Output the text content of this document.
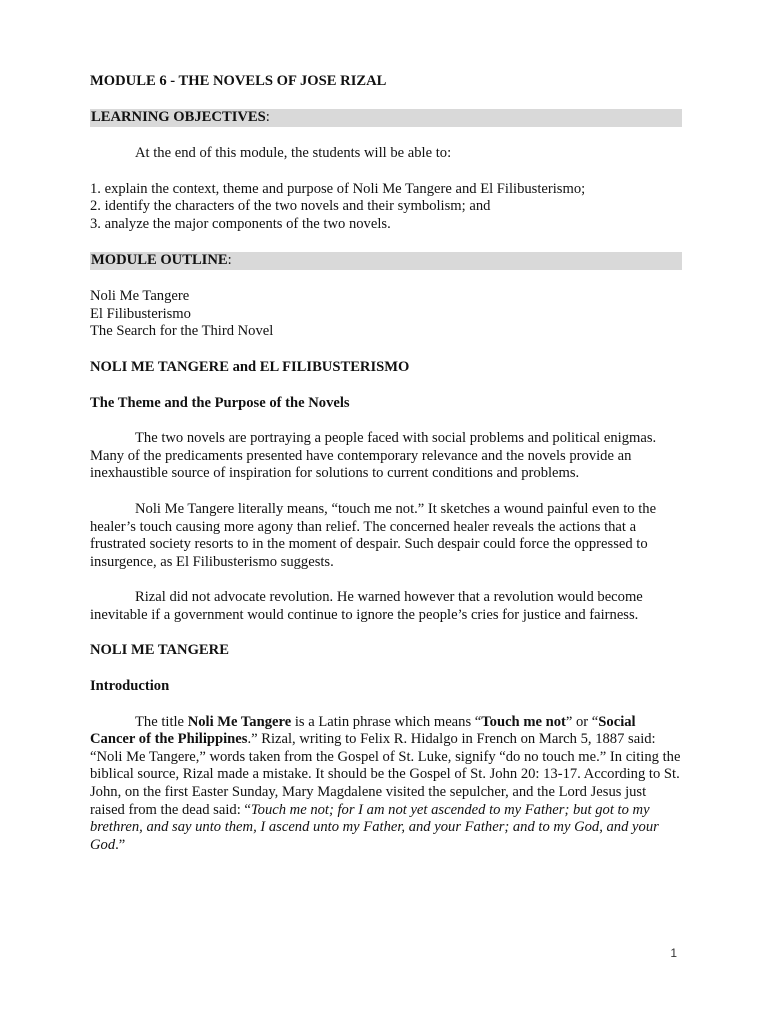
MODULE 6 - THE NOVELS OF JOSE RIZAL

LEARNING OBJECTIVES:

At the end of this module, the students will be able to:

1. explain the context, theme and purpose of Noli Me Tangere and El Filibusterismo;
2. identify the characters of the two novels and their symbolism; and
3. analyze the major components of the two novels.
MODULE OUTLINE:
Noli Me Tangere
El Filibusterismo
The Search for the Third Novel

NOLI ME TANGERE and EL FILIBUSTERISMO

The Theme and the Purpose of the Novels

The two novels are portraying a people faced with social problems and political enigmas. Many of the predicaments presented have contemporary relevance and the novels provide an inexhaustible source of inspiration for solutions to current conditions and problems.

Noli Me Tangere literally means, “touch me not.” It sketches a wound painful even to the healer’s touch causing more agony than relief. The concerned healer reveals the actions that a frustrated society resorts to in the moment of despair. Such despair could force the oppressed to insurgence, as El Filibusterismo suggests.

Rizal did not advocate revolution. He warned however that a revolution would become inevitable if a government would continue to ignore the people’s cries for justice and fairness.

NOLI ME TANGERE

Introduction

The title Noli Me Tangere is a Latin phrase which means “Touch me not” or “Social Cancer of the Philippines.” Rizal, writing to Felix R. Hidalgo in French on March 5, 1887 said: “Noli Me Tangere,” words taken from the Gospel of St. Luke, signify “do no touch me.” In citing the biblical source, Rizal made a mistake. It should be the Gospel of St. John 20: 13-17. According to St. John, on the first Easter Sunday, Mary Magdalene visited the sepulcher, and the Lord Jesus just raised from the dead said: “Touch me not; for I am not yet ascended to my Father; but got to my brethren, and say unto them, I ascend unto my Father, and your Father; and to my God, and your God.”

1
